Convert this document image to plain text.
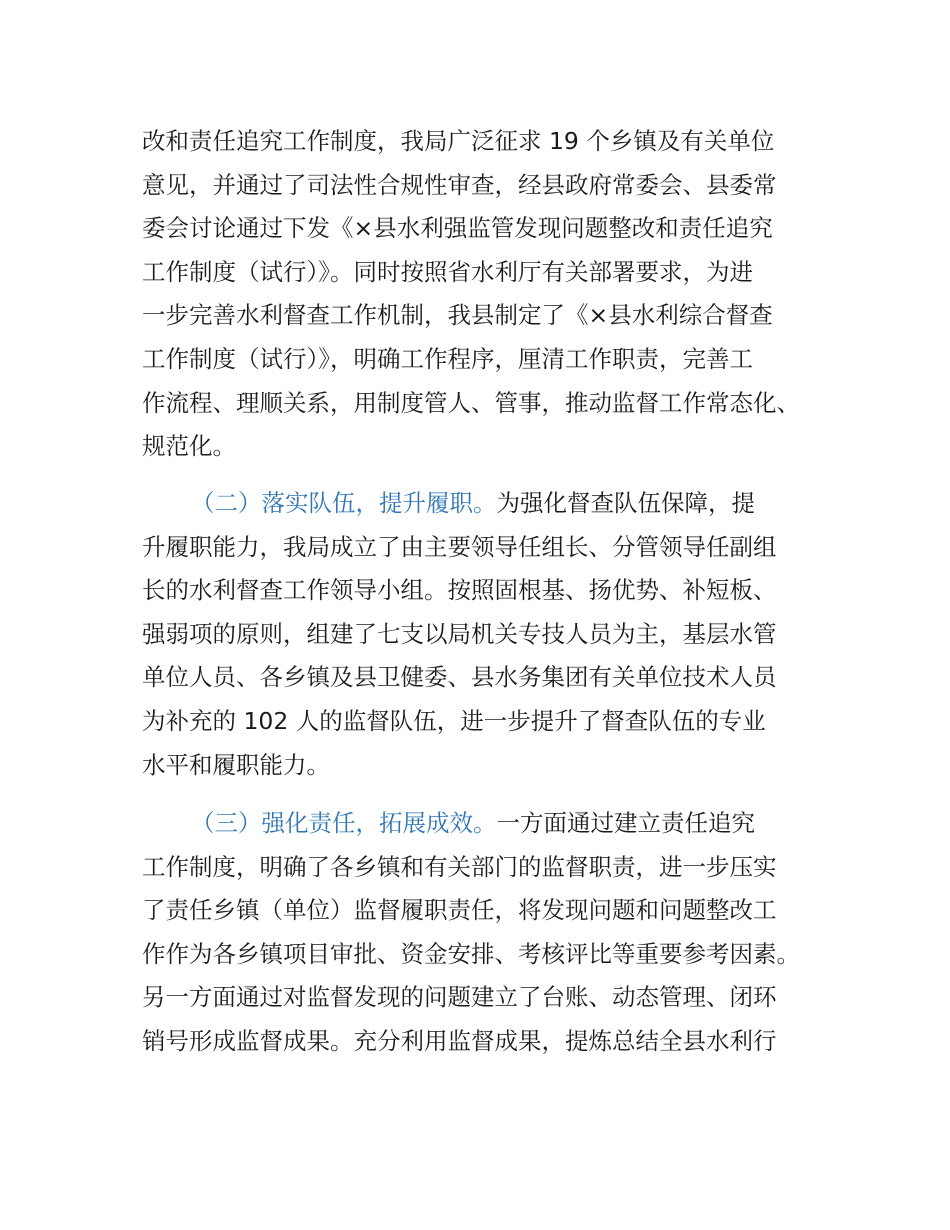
改和责任追究工作制度，我局广泛征求 19 个乡镇及有关单位
意见，并通过了司法性合规性审查，经县政府常委会、县委常
委会讨论通过下发《×县水利强监管发现问题整改和责任追究
工作制度（试行）》。同时按照省水利厅有关部署要求，为进
一步完善水利督查工作机制，我县制定了《×县水利综合督查
工作制度（试行）》，明确工作程序，厘清工作职责，完善工
作流程、理顺关系，用制度管人、管事，推动监督工作常态化、
规范化。
（二）落实队伍，提升履职。为强化督查队伍保障，提
升履职能力，我局成立了由主要领导任组长、分管领导任副组
长的水利督查工作领导小组。按照固根基、扬优势、补短板、
强弱项的原则，组建了七支以局机关专技人员为主，基层水管
单位人员、各乡镇及县卫健委、县水务集团有关单位技术人员
为补充的 102 人的监督队伍，进一步提升了督查队伍的专业
水平和履职能力。
（三）强化责任，拓展成效。一方面通过建立责任追究
工作制度，明确了各乡镇和有关部门的监督职责，进一步压实
了责任乡镇（单位）监督履职责任，将发现问题和问题整改工
作作为各乡镇项目审批、资金安排、考核评比等重要参考因素。
另一方面通过对监督发现的问题建立了台账、动态管理、闭环
销号形成监督成果。充分利用监督成果，提炼总结全县水利行
